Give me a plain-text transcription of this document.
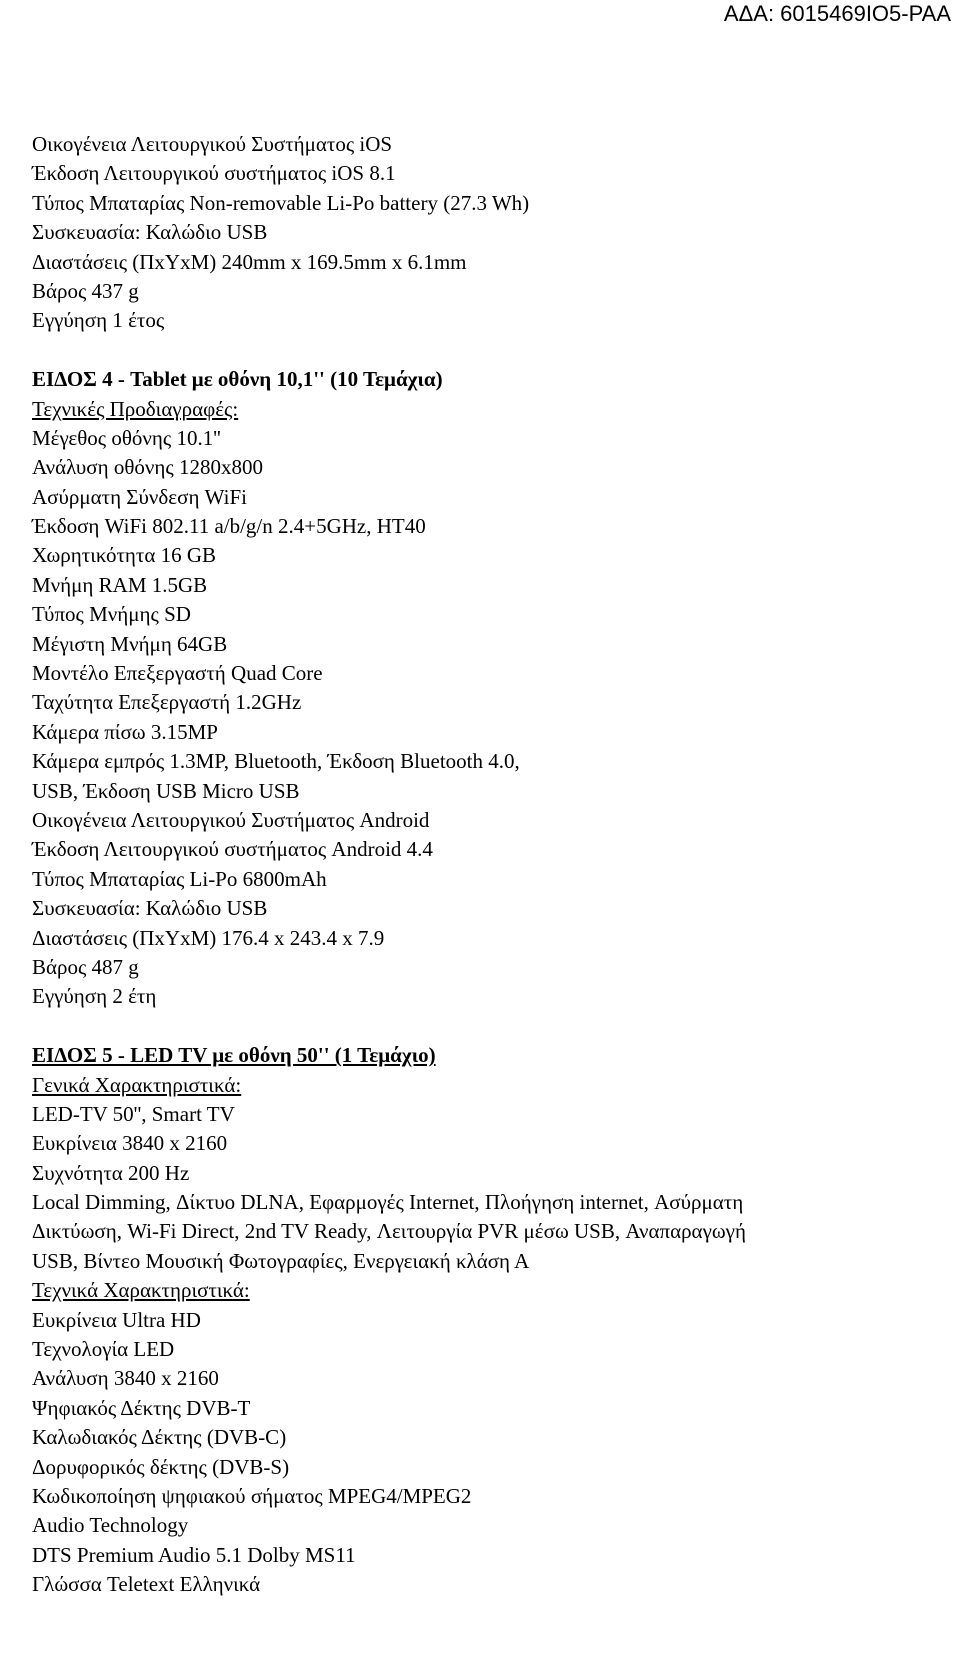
ΑΔΑ: 6015469ΙΟ5-ΡΑΑ
Οικογένεια Λειτουργικού Συστήματος iOS
Έκδοση Λειτουργικού συστήματος iOS 8.1
Τύπος Μπαταρίας Non-removable Li-Po battery (27.3 Wh)
Συσκευασία: Καλώδιο USB
Διαστάσεις (ΠxΥxΜ) 240mm x 169.5mm x 6.1mm
Βάρος 437 g
Εγγύηση 1 έτος
ΕΙΔΟΣ 4 - Tablet με οθόνη 10,1'' (10 Τεμάχια)
Τεχνικές Προδιαγραφές:
Μέγεθος οθόνης 10.1''
Ανάλυση οθόνης 1280x800
Ασύρματη Σύνδεση WiFi
Έκδοση WiFi 802.11 a/b/g/n 2.4+5GHz, HT40
Χωρητικότητα 16 GB
Μνήμη RAM 1.5GB
Τύπος Μνήμης SD
Μέγιστη Μνήμη 64GB
Μοντέλο Επεξεργαστή Quad Core
Ταχύτητα Επεξεργαστή 1.2GHz
Κάμερα πίσω 3.15MP
Κάμερα εμπρός 1.3MP, Bluetooth, Έκδοση Bluetooth 4.0,
USB, Έκδοση USB Micro USB
Οικογένεια Λειτουργικού Συστήματος Android
Έκδοση Λειτουργικού συστήματος Android 4.4
Τύπος Μπαταρίας Li-Po 6800mAh
Συσκευασία: Καλώδιο USB
Διαστάσεις (ΠxΥxΜ) 176.4 x 243.4 x 7.9
Βάρος 487 g
Εγγύηση 2 έτη
ΕΙΔΟΣ 5 - LED TV με οθόνη 50'' (1 Τεμάχιο)
Γενικά Χαρακτηριστικά:
LED-TV 50'', Smart TV
Ευκρίνεια 3840 x 2160
Συχνότητα 200 Hz
Local Dimming, Δίκτυο DLNA, Εφαρμογές Internet, Πλοήγηση internet, Ασύρματη
Δικτύωση, Wi-Fi Direct, 2nd TV Ready, Λειτουργία PVR μέσω USB, Αναπαραγωγή
USB, Βίντεο Μουσική Φωτογραφίες, Ενεργειακή κλάση Α
Τεχνικά Χαρακτηριστικά:
Ευκρίνεια Ultra HD
Τεχνολογία LED
Ανάλυση 3840 x 2160
Ψηφιακός Δέκτης DVB-T
Καλωδιακός Δέκτης (DVB-C)
Δορυφορικός δέκτης (DVB-S)
Κωδικοποίηση ψηφιακού σήματος MPEG4/MPEG2
Audio Technology
DTS Premium Audio 5.1 Dolby MS11
Γλώσσα Teletext Ελληνικά
